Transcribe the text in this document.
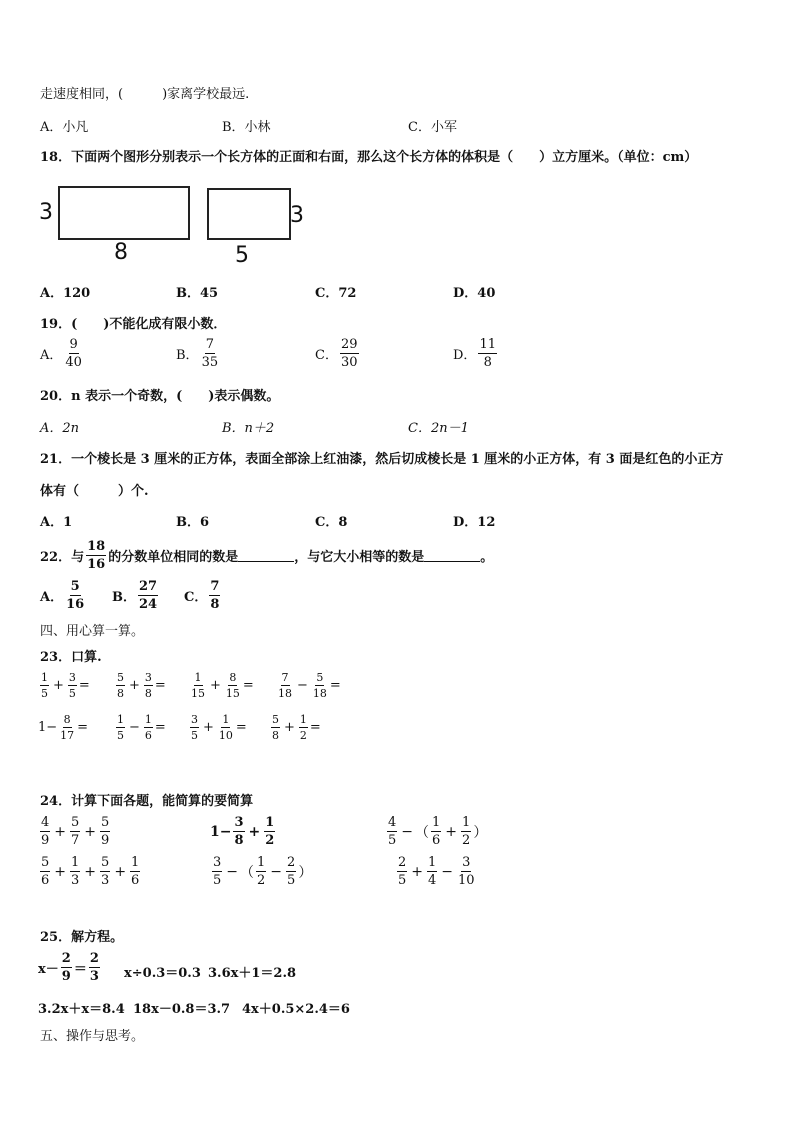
走速度相同，(　　　)家离学校最远.
A．小凡	B．小林	C．小军
18．下面两个图形分别表示一个长方体的正面和右面，那么这个长方体的体积是（　　）立方厘米。（单位：cm）
3
8
3
5
A．120	B．45	C．72	D．40
19．(　　)不能化成有限小数．
A． $\frac{9}{40}$	B． $\frac{7}{35}$	C． $\frac{29}{30}$	D． $\frac{11}{8}$
20．n 表示一个奇数，(　　)表示偶数。
A．2n	B．n＋2	C．2n－1
21．一个棱长是 3 厘米的正方体，表面全部涂上红油漆，然后切成棱长是 1 厘米的小正方体，有 3 面是红色的小正方
体有（　　　）个.
A．1	B．6	C．8	D．12
22．与 $\frac{18}{16}$ 的分数单位相同的数是	，与它大小相等的数是	。
A． $\frac{5}{16}$ B． $\frac{27}{24}$ C． $\frac{7}{8}$
四、用心算一算。
23．口算.
$\frac{1}{5} + \frac{3}{5} = \frac{5}{8} + \frac{3}{8} = \frac{1}{15} + \frac{8}{15} = \frac{7}{18} - \frac{5}{18}$ =
$1- \frac{8}{17}$ =	$\frac{1}{5} - \frac{1}{6} = \frac{3}{5} + \frac{1}{10} = \frac{5}{8} + \frac{1}{2}$ =
24．计算下面各题，能简算的要简算
$\frac{4}{9} + \frac{5}{7} + \frac{5}{9}$	$1- \frac{3}{8} + \frac{1}{2}$	$\frac{4}{5}$ − （ $\frac{1}{6} + \frac{1}{2}$ ）
$\frac{5}{6} + \frac{1}{3} + \frac{5}{3} + \frac{1}{6}$	$\frac{3}{5}$ − （ $\frac{1}{2} - \frac{2}{5}$ ）	$\frac{2}{5} + \frac{1}{4} - \frac{3}{10}$
25．解方程。
$x- \frac{2}{9} = \frac{2}{3} x\div 0.3=0.3$ 3.6x＋1＝2.8
3.2x＋x＝8.4 18x－0.8＝3.7 4x＋0.5×2.4＝6
五、操作与思考。
